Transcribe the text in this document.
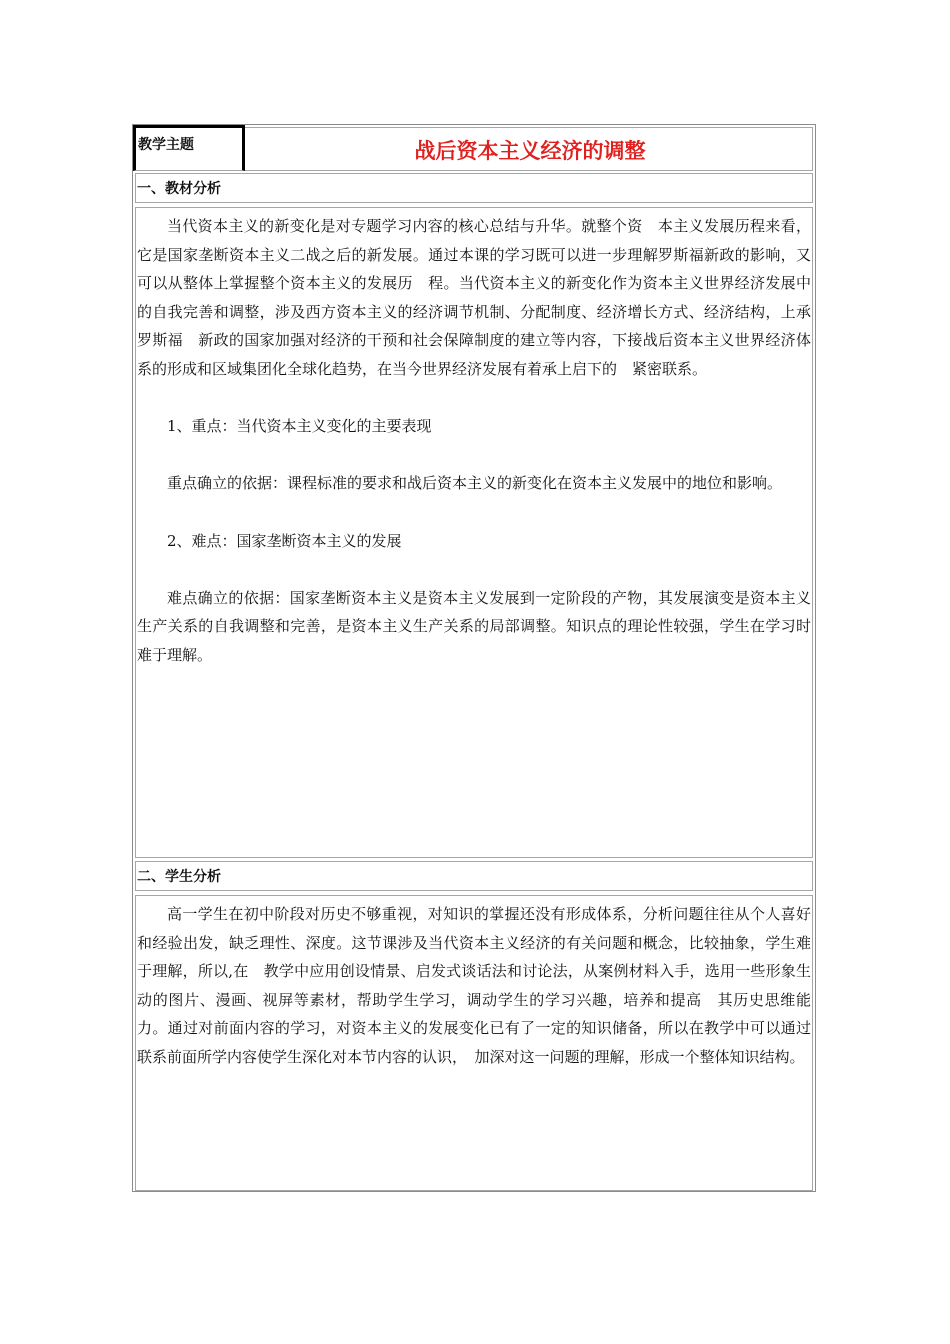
教学主题	战后资本主义经济的调整
一、教材分析

当代资本主义的新变化是对专题学习内容的核心总结与升华。就整个资　本主义发展历程来看，它是国家垄断资本主义二战之后的新发展。通过本课的学习既可以进一步理解罗斯福新政的影响，又可以从整体上掌握整个资本主义的发展历　程。当代资本主义的新变化作为资本主义世界经济发展中的自我完善和调整，涉及西方资本主义的经济调节机制、分配制度、经济增长方式、经济结构，上承罗斯福　新政的国家加强对经济的干预和社会保障制度的建立等内容，下接战后资本主义世界经济体系的形成和区域集团化全球化趋势，在当今世界经济发展有着承上启下的　紧密联系。

1、重点：当代资本主义变化的主要表现

重点确立的依据：课程标准的要求和战后资本主义的新变化在资本主义发展中的地位和影响。

2、难点：国家垄断资本主义的发展

难点确立的依据：国家垄断资本主义是资本主义发展到一定阶段的产物，其发展演变是资本主义生产关系的自我调整和完善，是资本主义生产关系的局部调整。知识点的理论性较强，学生在学习时难于理解。

二、学生分析

高一学生在初中阶段对历史不够重视，对知识的掌握还没有形成体系，分析问题往往从个人喜好和经验出发，缺乏理性、深度。这节课涉及当代资本主义经济的有关问题和概念，比较抽象，学生难于理解，所以,在　教学中应用创设情景、启发式谈话法和讨论法，从案例材料入手，选用一些形象生动的图片、漫画、视屏等素材，帮助学生学习，调动学生的学习兴趣，培养和提高　其历史思维能力。通过对前面内容的学习，对资本主义的发展变化已有了一定的知识储备，所以在教学中可以通过联系前面所学内容使学生深化对本节内容的认识，　加深对这一问题的理解，形成一个整体知识结构。
